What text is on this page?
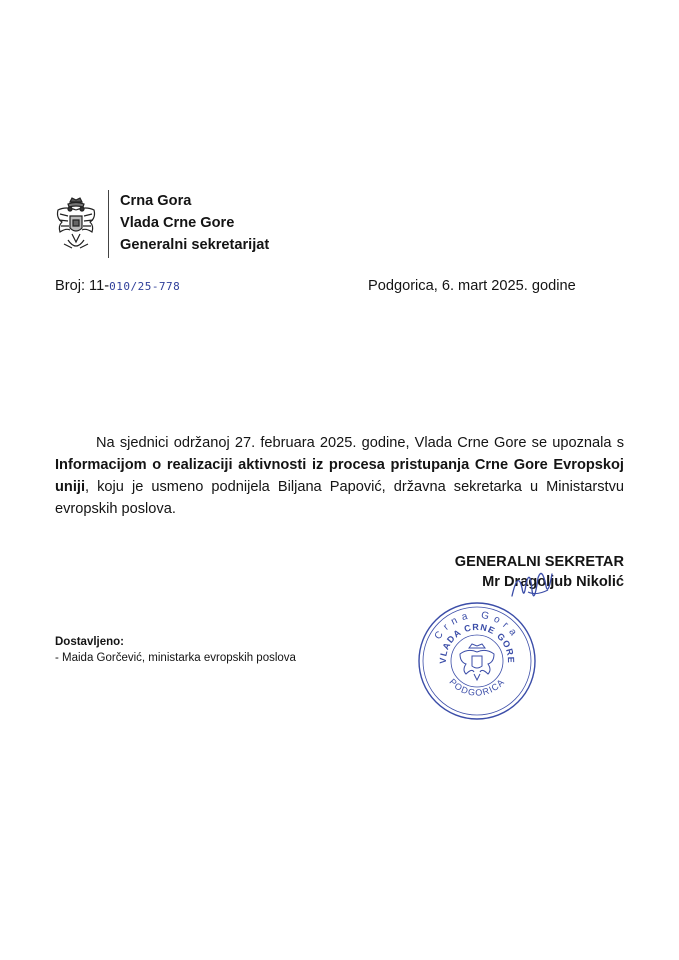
Crna Gora
Vlada Crne Gore
Generalni sekretarijat
Broj: 11-010/25-778	Podgorica, 6. mart 2025. godine
Na sjednici održanoj 27. februara 2025. godine, Vlada Crne Gore se upoznala s Informacijom o realizaciji aktivnosti iz procesa pristupanja Crne Gore Evropskoj uniji, koju je usmeno podnijela Biljana Papović, državna sekretarka u Ministarstvu evropskih poslova.
GENERALNI SEKRETAR
Mr Dragoljub Nikolić
Crna Gora
VLADA CRNE GORE
PODGORICA
Dostavljeno:
- Maida Gorčević, ministarka evropskih poslova
